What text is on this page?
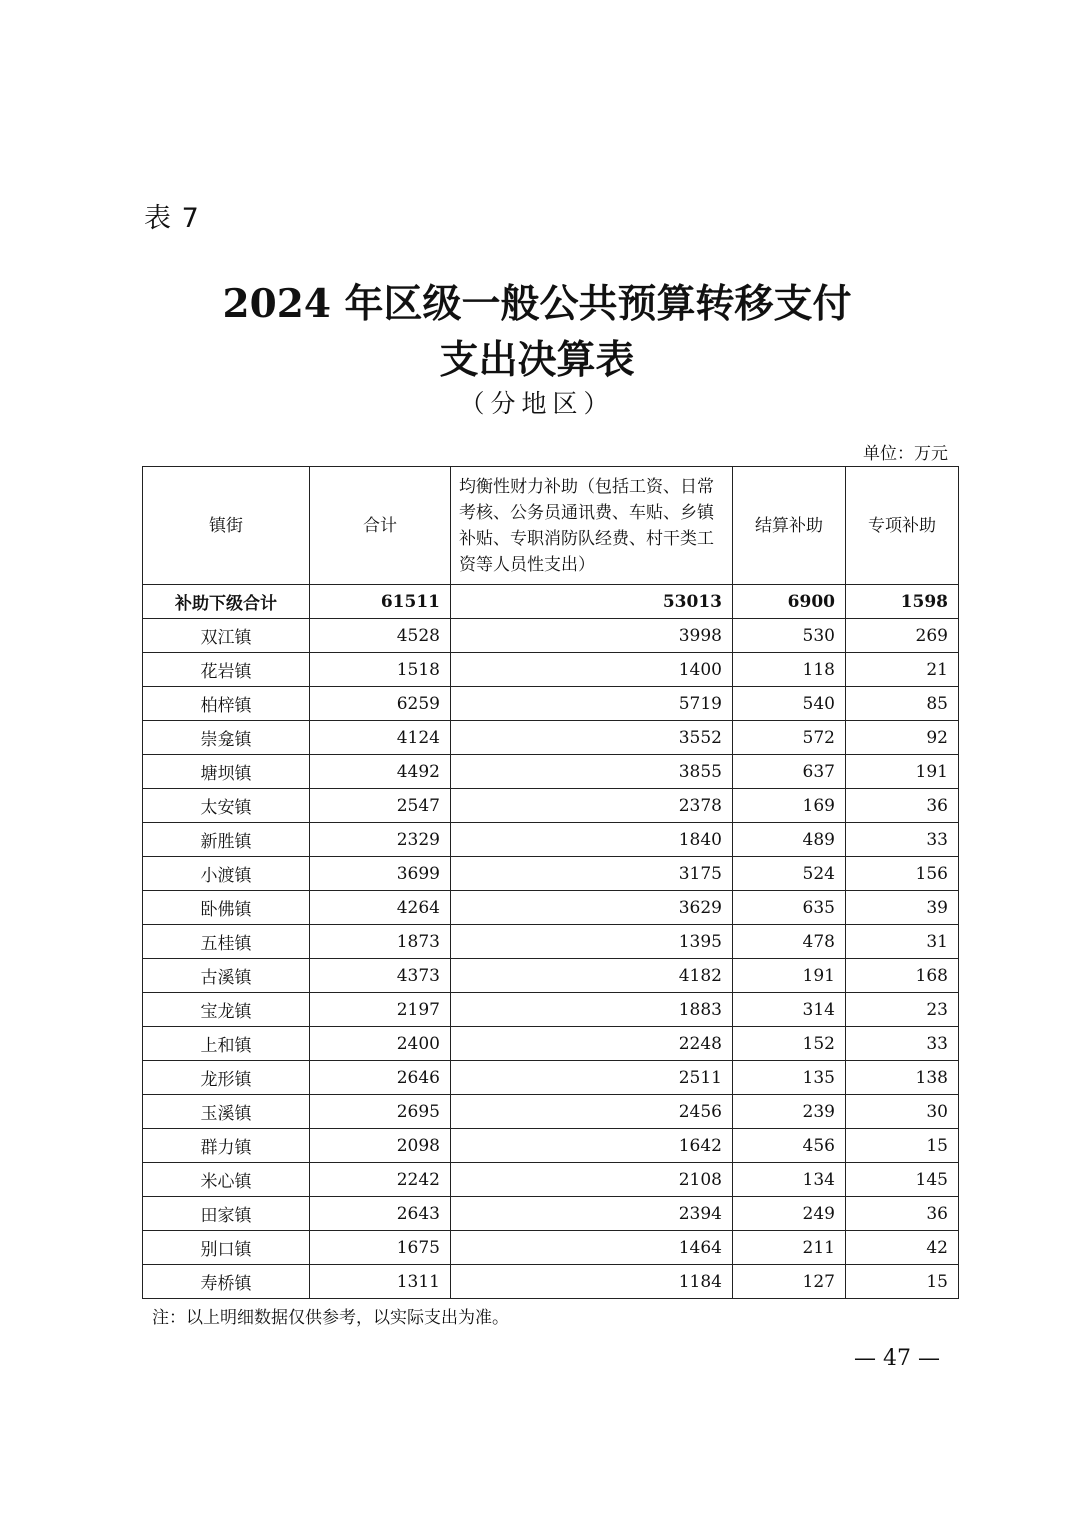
表 7
2024 年区级一般公共预算转移支付
支出决算表
（分地区）
单位：万元
镇街	合计	均衡性财力补助（包括工资、日常考核、公务员通讯费、车贴、乡镇补贴、专职消防队经费、村干类工资等人员性支出）	结算补助	专项补助
补助下级合计	61511	53013	6900	1598
双江镇	4528	3998	530	269
花岩镇	1518	1400	118	21
柏梓镇	6259	5719	540	85
崇龛镇	4124	3552	572	92
塘坝镇	4492	3855	637	191
太安镇	2547	2378	169	36
新胜镇	2329	1840	489	33
小渡镇	3699	3175	524	156
卧佛镇	4264	3629	635	39
五桂镇	1873	1395	478	31
古溪镇	4373	4182	191	168
宝龙镇	2197	1883	314	23
上和镇	2400	2248	152	33
龙形镇	2646	2511	135	138
玉溪镇	2695	2456	239	30
群力镇	2098	1642	456	15
米心镇	2242	2108	134	145
田家镇	2643	2394	249	36
别口镇	1675	1464	211	42
寿桥镇	1311	1184	127	15
注：以上明细数据仅供参考，以实际支出为准。
— 47 —
